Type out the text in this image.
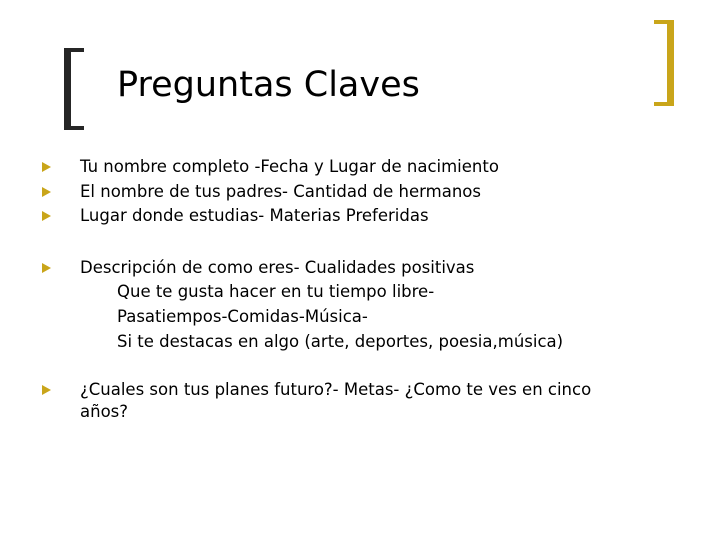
Preguntas Claves
Tu nombre completo -Fecha y Lugar de nacimiento
El nombre de tus padres- Cantidad de hermanos
Lugar donde estudias- Materias Preferidas
Descripción de como eres- Cualidades positivas
Que te gusta hacer en tu tiempo libre-
Pasatiempos-Comidas-Música-
Si te destacas en algo (arte, deportes, poesia,música)
¿Cuales son tus planes futuro?- Metas- ¿Como te ves en cinco
años?
